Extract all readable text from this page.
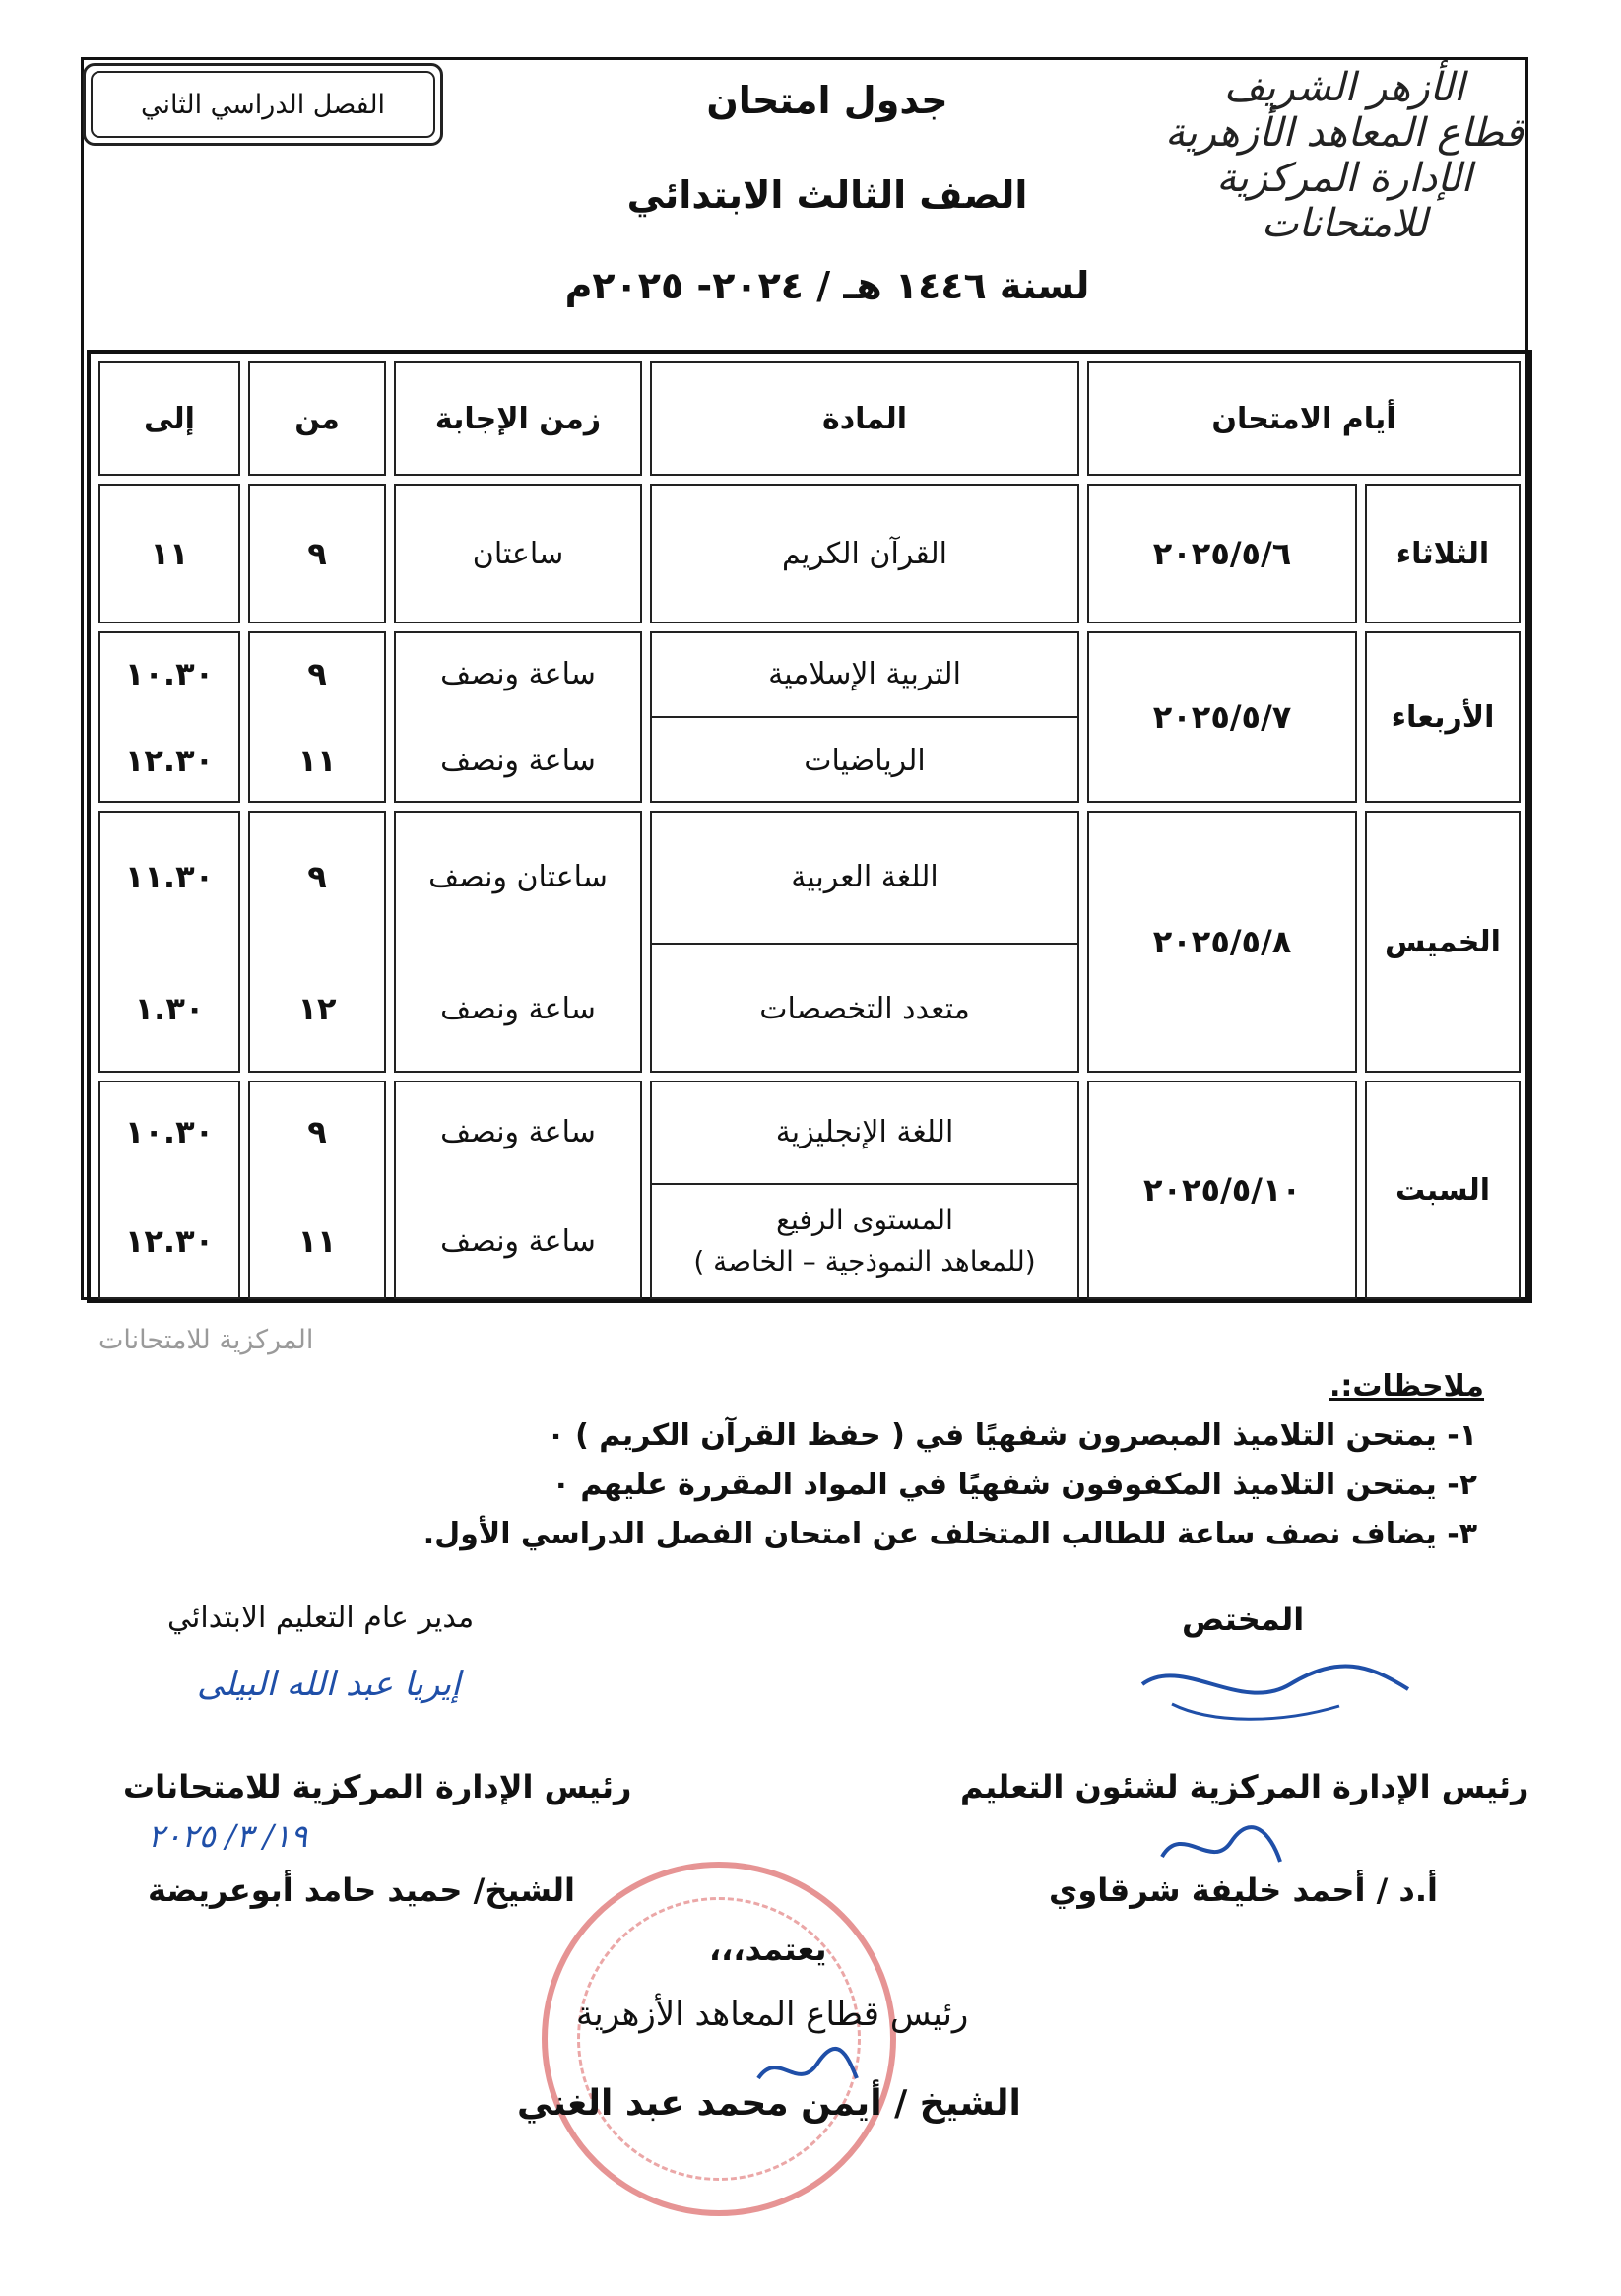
الأزهر الشريف
قطاع المعاهد الأزهرية
الإدارة المركزية للامتحانات
الفصل الدراسي الثاني	جدول امتحان
الصف الثالث الابتدائي
لسنة ١٤٤٦ هـ / ٢٠٢٤- ٢٠٢٥م
أيام الامتحان
المادة
زمن الإجابة
من
إلى
الثلاثاء
٢٠٢٥/٥/٦
القرآن الكريم
ساعتان
٩
١١
الأربعاء
٢٠٢٥/٥/٧
التربية الإسلامية
الرياضيات
ساعة ونصف
ساعة ونصف
٩
١١
١٠.٣٠
١٢.٣٠
الخميس
٢٠٢٥/٥/٨
اللغة العربية
متعدد التخصصات
ساعتان ونصف
ساعة ونصف
٩
١٢
١١.٣٠
١.٣٠
السبت
٢٠٢٥/٥/١٠
اللغة الإنجليزية
المستوى الرفيع
(للمعاهد النموذجية – الخاصة )
ساعة ونصف
ساعة ونصف
٩
١١
١٠.٣٠
١٢.٣٠
المركزية للامتحانات
ملاحظات:.
١- يمتحن التلاميذ المبصرون شفهيًا في ( حفظ القرآن الكريم ) ٠
٢- يمتحن التلاميذ المكفوفون شفهيًا في المواد المقررة عليهم ٠
٣- يضاف نصف ساعة للطالب المتخلف عن امتحان الفصل الدراسي الأول.
المختص
مدير عام التعليم الابتدائي
إيريا عبد الله البيلى
رئيس الإدارة المركزية لشئون التعليم
أ.د / أحمد خليفة شرقاوي
رئيس الإدارة المركزية للامتحانات
١٩/ ٣/ ٢٠٢٥
الشيخ/ حميد حامد أبوعريضة
يعتمد،،،
رئيس قطاع المعاهد الأزهرية
الشيخ / أيمن محمد عبد الغني
